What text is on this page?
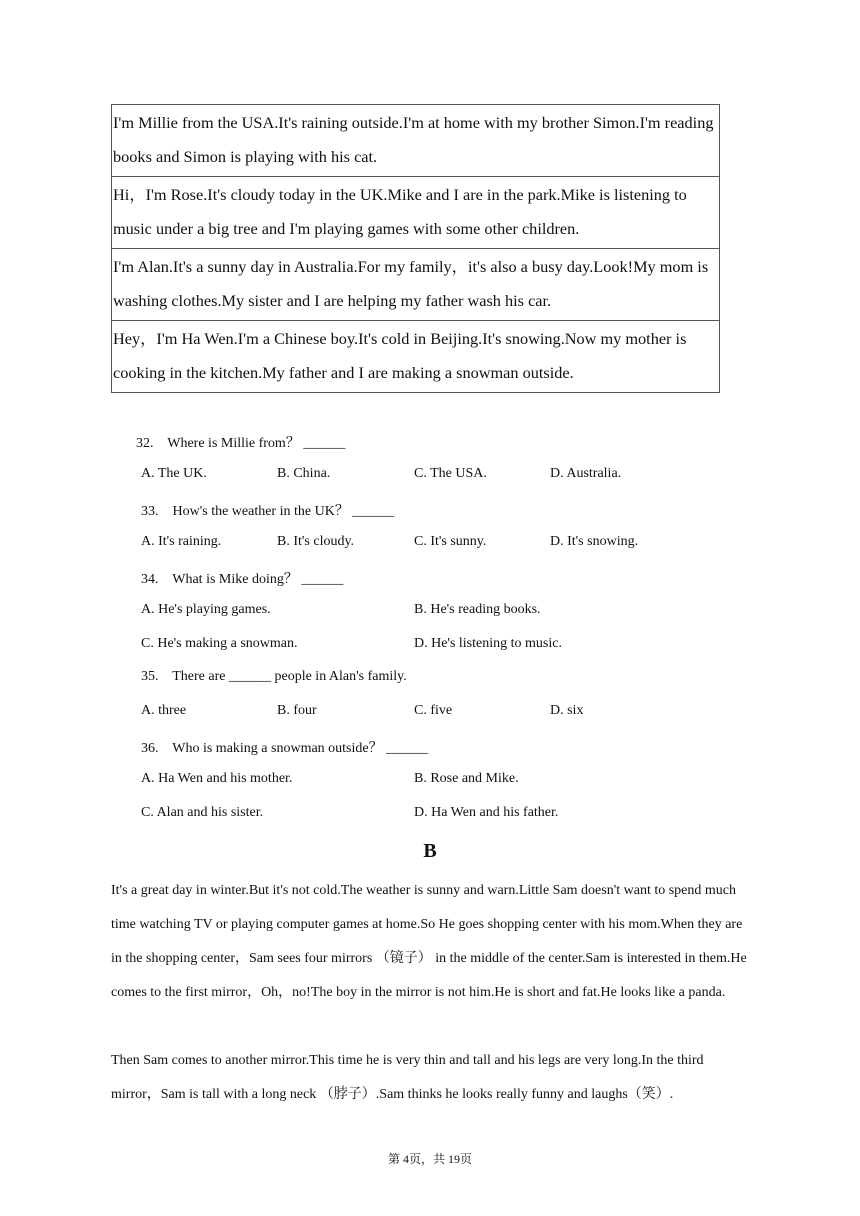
I'm Millie from the USA.It's raining outside.I'm at home with my brother Simon.I'm reading books and Simon is playing with his cat.
Hi，I'm Rose.It's cloudy today in the UK.Mike and I are in the park.Mike is listening to music under a big tree and I'm playing games with some other children.
I'm Alan.It's a sunny day in Australia.For my family，it's also a busy day.Look!My mom is washing clothes.My sister and I are helping my father wash his car.
Hey，I'm Ha Wen.I'm a Chinese boy.It's cold in Beijing.It's snowing.Now my mother is cooking in the kitchen.My father and I are making a snowman outside.
32. Where is Millie from？ ______
A. The UK.	B. China.	C. The USA.	D. Australia.
33. How's the weather in the UK？ ______
A. It's raining.	B. It's cloudy.	C. It's sunny.	D. It's snowing.
34. What is Mike doing？ ______
A. He's playing games.	B. He's reading books.
C. He's making a snowman.	D. He's listening to music.
35. There are ______ people in Alan's family.
A. three	B. four	C. five	D. six
36. Who is making a snowman outside？ ______
A. Ha Wen and his mother.	B. Rose and Mike.
C. Alan and his sister.	D. Ha Wen and his father.
B
It's a great day in winter.But it's not cold.The weather is sunny and warn.Little Sam doesn't want to spend much time watching TV or playing computer games at home.So He goes shopping center with his mom.When they are in the shopping center，Sam sees four mirrors （镜子） in the middle of the center.Sam is interested in them.He comes to the first mirror，Oh，no!The boy in the mirror is not him.He is short and fat.He looks like a panda.
Then Sam comes to another mirror.This time he is very thin and tall and his legs are very long.In the third mirror，Sam is tall with a long neck （脖子）.Sam thinks he looks really funny and laughs（笑）.
第 4页，共 19页
